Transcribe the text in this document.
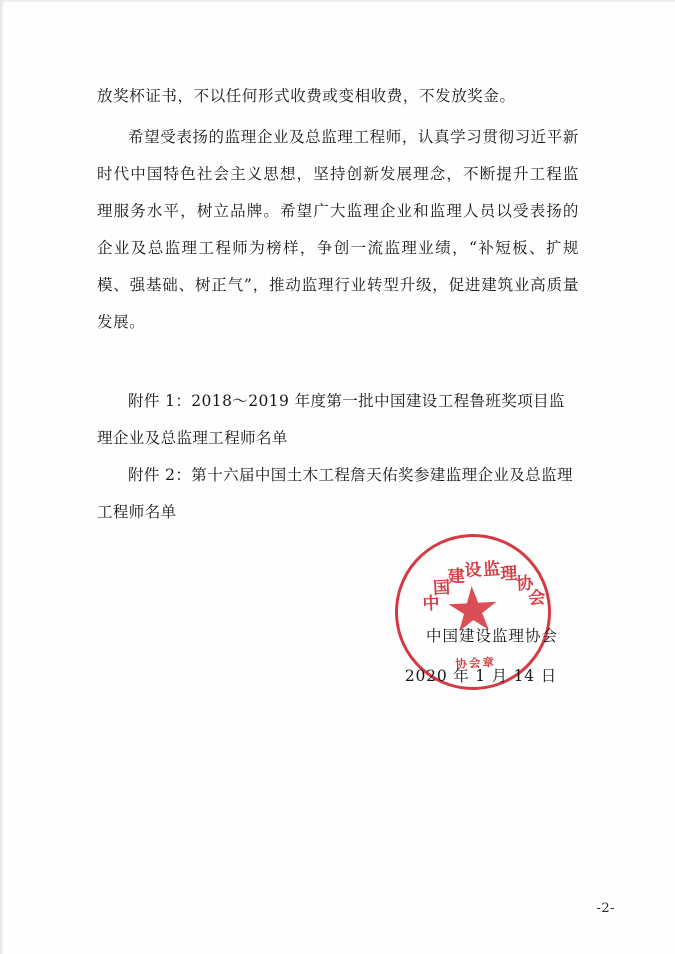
放奖杯证书，不以任何形式收费或变相收费，不发放奖金。

希望受表扬的监理企业及总监理工程师，认真学习贯彻习近平新时代中国特色社会主义思想，坚持创新发展理念，不断提升工程监理服务水平，树立品牌。希望广大监理企业和监理人员以受表扬的企业及总监理工程师为榜样，争创一流监理业绩，“补短板、扩规模、强基础、树正气”，推动监理行业转型升级，促进建筑业高质量发展。

附件 1：2018～2019 年度第一批中国建设工程鲁班奖项目监理企业及总监理工程师名单

附件 2：第十六届中国土木工程詹天佑奖参建监理企业及总监理工程师名单

中
国
建
设 监 理
协
会
协会章
中国建设监理协会
2020 年 1 月 14 日
-2-
